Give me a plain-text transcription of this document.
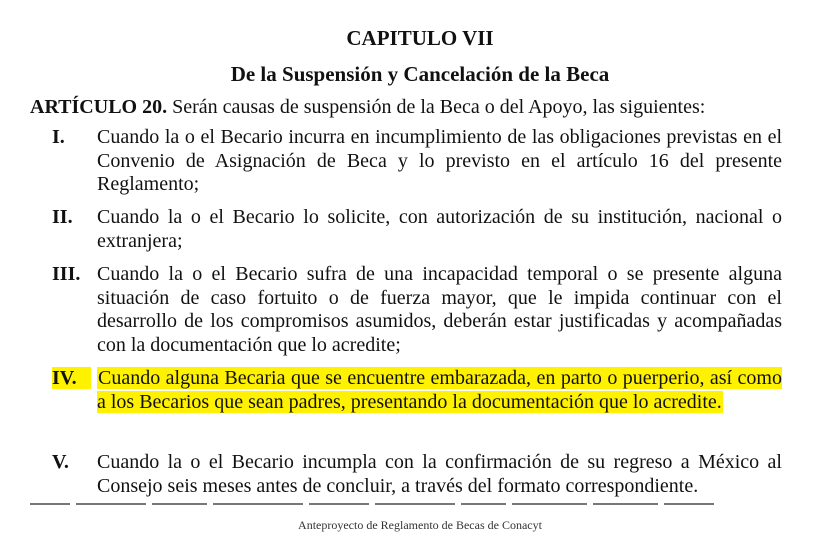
CAPITULO VII
De la Suspensión y Cancelación de la Beca
ARTÍCULO 20. Serán causas de suspensión de la Beca o del Apoyo, las siguientes:
I. Cuando la o el Becario incurra en incumplimiento de las obligaciones previstas en el Convenio de Asignación de Beca y lo previsto en el artículo 16 del presente Reglamento;
II. Cuando la o el Becario lo solicite, con autorización de su institución, nacional o extranjera;
III. Cuando la o el Becario sufra de una incapacidad temporal o se presente alguna situación de caso fortuito o de fuerza mayor, que le impida continuar con el desarrollo de los compromisos asumidos, deberán estar justificadas y acompañadas con la documentación que lo acredite;
IV.	Cuando alguna Becaria que se encuentre embarazada, en parto o puerperio, así como a los Becarios que sean padres, presentando la documentación que lo acredite.
V. Cuando la o el Becario incumpla con la confirmación de su regreso a México al Consejo seis meses antes de concluir, a través del formato correspondiente.
Anteproyecto de Reglamento de Becas de Conacyt
